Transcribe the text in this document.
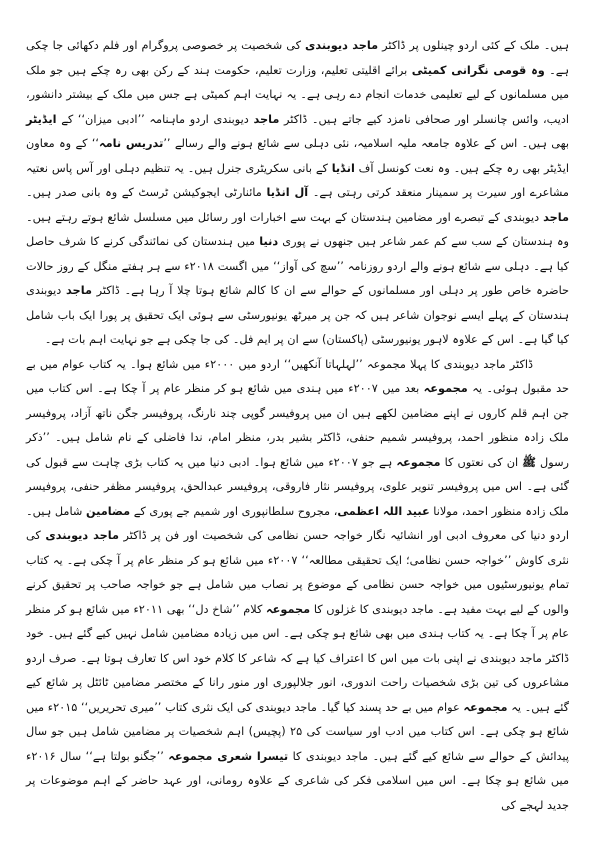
ہیں۔ ملک کے کئی اردو چینلوں پر ڈاکٹر ماجد دیوبندی کی شخصیت پر خصوصی پروگرام اور فلم دکھائی جا چکی ہے۔ وہ قومی نگرانی کمیٹی برائے اقلیتی تعلیم، وزارت تعلیم، حکومت ہند کے رکن بھی رہ چکے ہیں جو ملک میں مسلمانوں کے لیے تعلیمی خدمات انجام دے رہی ہے۔ یہ نہایت اہم کمیٹی ہے جس میں ملک کے بیشتر دانشور، ادیب، وائس چانسلر اور صحافی نامزد کیے جاتے ہیں۔ ڈاکٹر ماجد دیوبندی اردو ماہنامہ ’’ادبی میزان‘‘ کے ایڈیٹر بھی ہیں۔ اس کے علاوہ جامعہ ملیہ اسلامیہ، نئی دہلی سے شائع ہونے والے رسالے ’’تدریس نامہ‘‘ کے وہ معاون ایڈیٹر بھی رہ چکے ہیں۔ وہ نعت کونسل آف انڈیا کے بانی سکریٹری جنرل ہیں۔ یہ تنظیم دہلی اور آس پاس نعتیہ مشاعرے اور سیرت پر سمینار منعقد کرتی رہتی ہے۔ آل انڈیا مائنارٹی ایجوکیشن ٹرسٹ کے وہ بانی صدر ہیں۔ ماجد دیوبندی کے تبصرے اور مضامین ہندستان کے بہت سے اخبارات اور رسائل میں مسلسل شائع ہوتے رہتے ہیں۔ وہ ہندستان کے سب سے کم عمر شاعر ہیں جنھوں نے پوری دنیا میں ہندستان کی نمائندگی کرنے کا شرف حاصل کیا ہے۔ دہلی سے شائع ہونے والے اردو روزنامہ ’’سچ کی آواز‘‘ میں اگست ۲۰۱۸ء سے ہر ہفتے منگل کے روز حالات حاضرہ خاص طور پر دہلی اور مسلمانوں کے حوالے سے ان کا کالم شائع ہوتا چلا آ رہا ہے۔ ڈاکٹر ماجد دیوبندی ہندستان کے پہلے ایسے نوجوان شاعر ہیں کہ جن پر میرٹھ یونیورسٹی سے ہوئی ایک تحقیق پر پورا ایک باب شامل کیا گیا ہے۔ اس کے علاوہ لاہور یونیورسٹی (پاکستان) سے ان پر ایم فل۔ کی جا چکی ہے جو نہایت اہم بات ہے۔

ڈاکٹر ماجد دیوبندی کا پہلا مجموعہ ’’لہلہاتا آنکھیں‘‘ اردو میں ۲۰۰۰ء میں شائع ہوا۔ یہ کتاب عوام میں بے حد مقبول ہوئی۔ یہ مجموعہ بعد میں ۲۰۰۷ء میں ہندی میں شائع ہو کر منظر عام پر آ چکا ہے۔ اس کتاب میں جن اہم قلم کاروں نے اپنے مضامین لکھے ہیں ان میں پروفیسر گوپی چند نارنگ، پروفیسر جگن ناتھ آزاد، پروفیسر ملک زادہ منظور احمد، پروفیسر شمیم حنفی، ڈاکٹر بشیر بدر، منظر امام، ندا فاضلی کے نام شامل ہیں۔ ’’ذکر رسول ﷺ ان کی نعتوں کا مجموعہ ہے جو ۲۰۰۷ء میں شائع ہوا۔ ادبی دنیا میں یہ کتاب بڑی چاہت سے قبول کی گئی ہے۔ اس میں پروفیسر تنویر علوی، پروفیسر نثار فاروقی، پروفیسر عبدالحق، پروفیسر مظفر حنفی، پروفیسر ملک زادہ منظور احمد، مولانا عبید اللہ اعظمی، مجروح سلطانپوری اور شمیم جے پوری کے مضامین شامل ہیں۔ اردو دنیا کی معروف ادبی اور انشائیہ نگار خواجہ حسن نظامی کی شخصیت اور فن پر ڈاکٹر ماجد دیوبندی کی نثری کاوش ’’خواجہ حسن نظامی؛ ایک تحقیقی مطالعہ‘‘ ۲۰۰۷ء میں شائع ہو کر منظر عام پر آ چکی ہے۔ یہ کتاب تمام یونیورسٹیوں میں خواجہ حسن نظامی کے موضوع پر نصاب میں شامل ہے جو خواجہ صاحب پر تحقیق کرنے والوں کے لیے بہت مفید ہے۔ ماجد دیوبندی کا غزلوں کا مجموعہ کلام ’’شاخ دل‘‘ بھی ۲۰۱۱ء میں شائع ہو کر منظر عام پر آ چکا ہے۔ یہ کتاب ہندی میں بھی شائع ہو چکی ہے۔ اس میں زیادہ مضامین شامل نہیں کیے گئے ہیں۔ خود ڈاکٹر ماجد دیوبندی نے اپنی بات میں اس کا اعتراف کیا ہے کہ شاعر کا کلام خود اس کا تعارف ہوتا ہے۔ صرف اردو مشاعروں کی تین بڑی شخصیات راحت اندوری، انور جلالپوری اور منور رانا کے مختصر مضامین ٹائٹل پر شائع کیے گئے ہیں۔ یہ مجموعہ عوام میں بے حد پسند کیا گیا۔ ماجد دیوبندی کی ایک نثری کتاب ’’میری تحریریں‘‘ ۲۰۱۵ء میں شائع ہو چکی ہے۔ اس کتاب میں ادب اور سیاست کی ۲۵ (پچیس) اہم شخصیات پر مضامین شامل ہیں جو سال پیدائش کے حوالے سے شائع کیے گئے ہیں۔ ماجد دیوبندی کا تیسرا شعری مجموعہ ’’جگنو بولتا ہے‘‘ سال ۲۰۱۶ء میں شائع ہو چکا ہے۔ اس میں اسلامی فکر کی شاعری کے علاوہ رومانی، اور عہد حاضر کے اہم موضوعات پر جدید لہجے کی
